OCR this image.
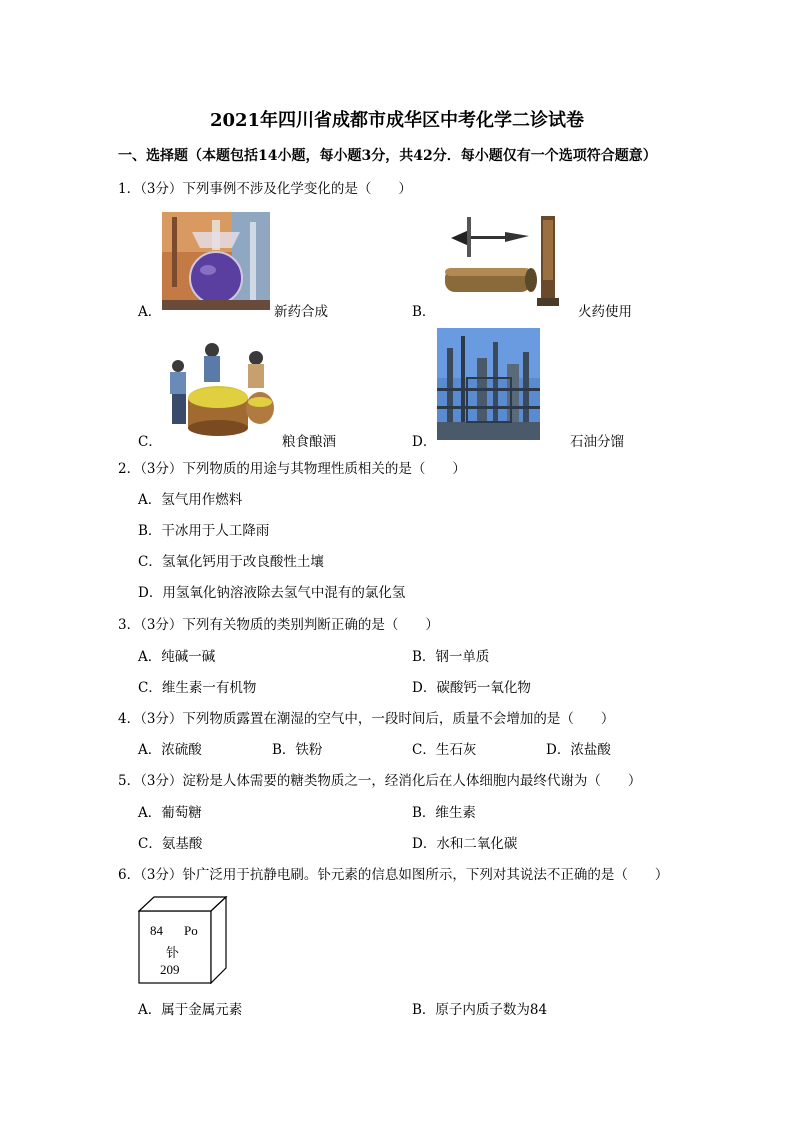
2021年四川省成都市成华区中考化学二诊试卷
一、选择题（本题包括14小题，每小题3分，共42分．每小题仅有一个选项符合题意）
1．（3分）下列事例不涉及化学变化的是（　　）
A．	新药合成	B．	火药使用
C．	粮食酿酒	D．	石油分馏
2．（3分）下列物质的用途与其物理性质相关的是（　　）
A．氢气用作燃料
B．干冰用于人工降雨
C．氢氧化钙用于改良酸性土壤
D．用氢氧化钠溶液除去氢气中混有的氯化氢
3．（3分）下列有关物质的类别判断正确的是（　　）
A．纯碱一碱	B．钢一单质
C．维生素一有机物	D．碳酸钙一氧化物
4．（3分）下列物质露置在潮湿的空气中，一段时间后，质量不会增加的是（　　）
A．浓硫酸	B．铁粉	C．生石灰	D．浓盐酸
5．（3分）淀粉是人体需要的糖类物质之一，经消化后在人体细胞内最终代谢为（　　）
A．葡萄糖	B．维生素
C．氨基酸	D．水和二氧化碳
6．（3分）钋广泛用于抗静电刷。钋元素的信息如图所示，下列对其说法不正确的是（　　）
84 Po
钋
209
A．属于金属元素	B．原子内质子数为84
